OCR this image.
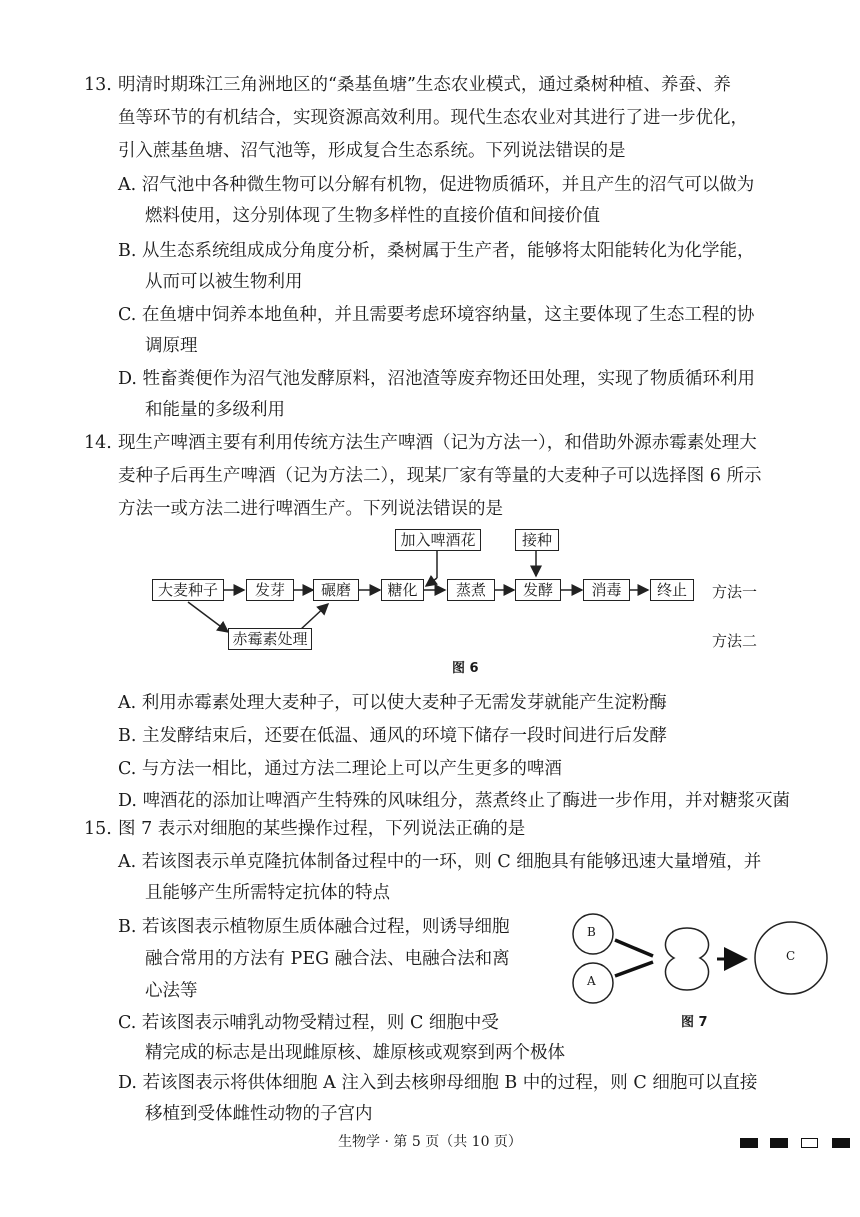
13. 明清时期珠江三角洲地区的“桑基鱼塘”生态农业模式，通过桑树种植、养蚕、养
鱼等环节的有机结合，实现资源高效利用。现代生态农业对其进行了进一步优化，
引入蔗基鱼塘、沼气池等，形成复合生态系统。下列说法错误的是
A. 沼气池中各种微生物可以分解有机物，促进物质循环，并且产生的沼气可以做为
燃料使用，这分别体现了生物多样性的直接价值和间接价值
B. 从生态系统组成成分角度分析，桑树属于生产者，能够将太阳能转化为化学能，
从而可以被生物利用
C. 在鱼塘中饲养本地鱼种，并且需要考虑环境容纳量，这主要体现了生态工程的协
调原理
D. 牲畜粪便作为沼气池发酵原料，沼池渣等废弃物还田处理，实现了物质循环利用
和能量的多级利用
14. 现生产啤酒主要有利用传统方法生产啤酒（记为方法一），和借助外源赤霉素处理大
麦种子后再生产啤酒（记为方法二），现某厂家有等量的大麦种子可以选择图 6 所示
方法一或方法二进行啤酒生产。下列说法错误的是
大麦种子	发芽	碾磨	糖化	蒸煮	发酵	消毒	终止
加入啤酒花	接种
赤霉素处理
方法一
方法二
图 6
A. 利用赤霉素处理大麦种子，可以使大麦种子无需发芽就能产生淀粉酶
B. 主发酵结束后，还要在低温、通风的环境下储存一段时间进行后发酵
C. 与方法一相比，通过方法二理论上可以产生更多的啤酒
D. 啤酒花的添加让啤酒产生特殊的风味组分，蒸煮终止了酶进一步作用，并对糖浆灭菌
15. 图 7 表示对细胞的某些操作过程，下列说法正确的是
A. 若该图表示单克隆抗体制备过程中的一环，则 C 细胞具有能够迅速大量增殖，并
且能够产生所需特定抗体的特点
B. 若该图表示植物原生质体融合过程，则诱导细胞
融合常用的方法有 PEG 融合法、电融合法和离
心法等
C. 若该图表示哺乳动物受精过程，则 C 细胞中受
精完成的标志是出现雌原核、雄原核或观察到两个极体
D. 若该图表示将供体细胞 A 注入到去核卵母细胞 B 中的过程，则 C 细胞可以直接
移植到受体雌性动物的子宫内
B
A
C
图 7
生物学 · 第 5 页（共 10 页）
